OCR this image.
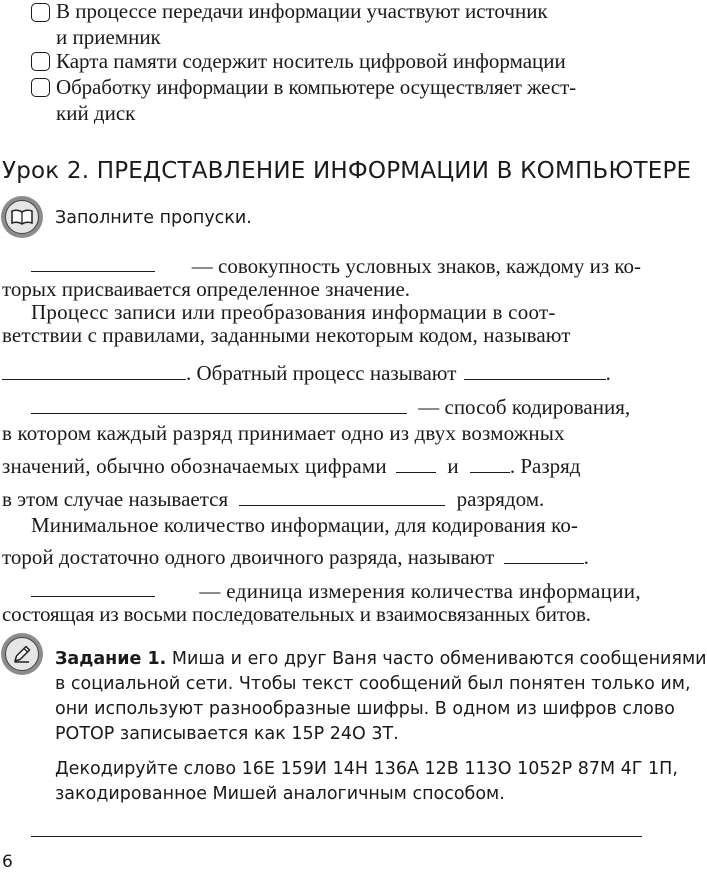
В процессе передачи информации участвуют источник
и приемник
Карта памяти содержит носитель цифровой информации
Обработку информации в компьютере осуществляет жест-
кий диск
Урок 2. ПРЕДСТАВЛЕНИЕ ИНФОРМАЦИИ В КОМПЬЮТЕРЕ
Заполните пропуски.
— совокупность условных знаков, каждому из ко-
торых присваивается определенное значение.
Процесс записи или преобразования информации в соот-
ветствии с правилами, заданными некоторым кодом, называют
. Обратный процесс называют	.
— способ кодирования,
в котором каждый разряд принимает одно из двух возможных
значений, обычно обозначаемых цифрами	и . Разряд
в этом случае называется	разрядом.
Минимальное количество информации, для кодирования ко-
торой достаточно одного двоичного разряда, называют	.
— единица измерения количества информации,
состоящая из восьми последовательных и взаимосвязанных битов.
Задание 1. Миша и его друг Ваня часто обмениваются сообщениями
в социальной сети. Чтобы текст сообщений был понятен только им,
они используют разнообразные шифры. В одном из шифров слово
РОТОР записывается как 15Р 24О 3Т.
Декодируйте слово 16Е 159И 14Н 136А 12В 113О 1052Р 87М 4Г 1П,
закодированное Мишей аналогичным способом.
6
